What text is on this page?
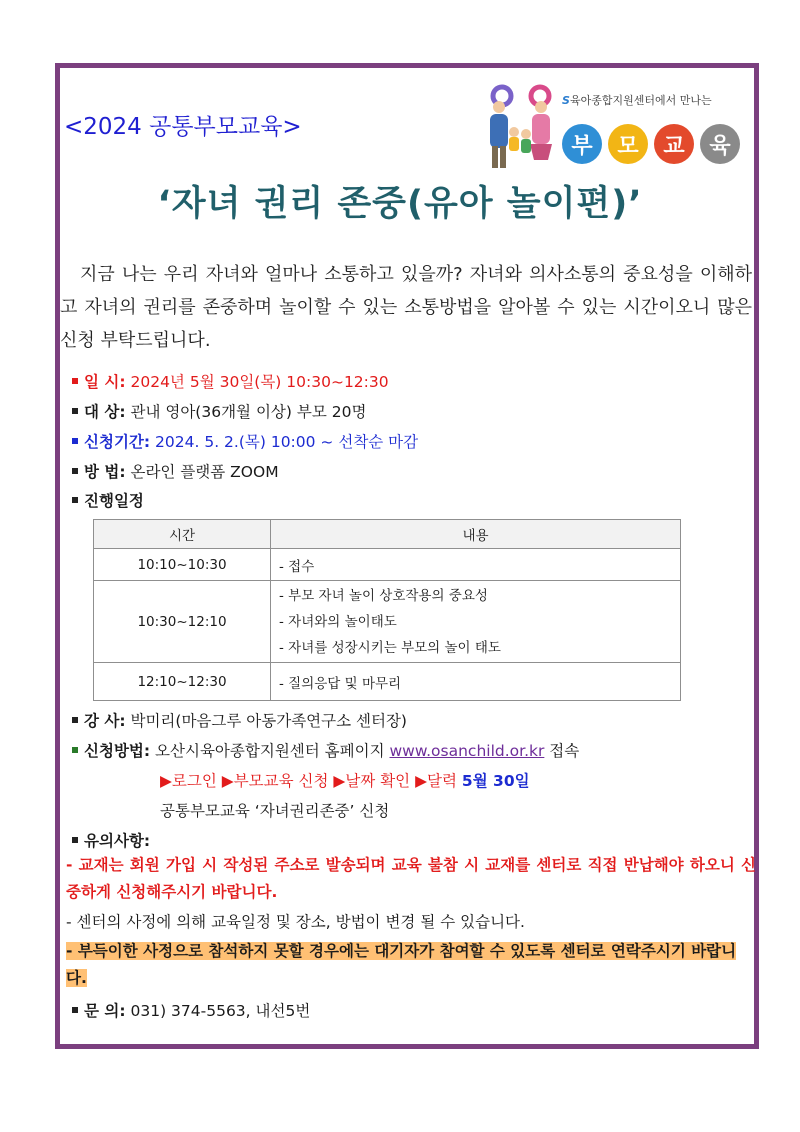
<2024 공통부모교육>
S육아종합지원센터에서 만나는
부 모 교 육
‘자녀 권리 존중(유아 놀이편)’

지금 나는 우리 자녀와 얼마나 소통하고 있을까? 자녀와 의사소통의 중요성을 이해하고 자녀의 권리를 존중하며 놀이할 수 있는 소통방법을 알아볼 수 있는 시간이오니 많은 신청 부탁드립니다.

일 시: 2024년 5월 30일(목) 10:30~12:30
대 상: 관내 영아(36개월 이상) 부모 20명
신청기간: 2024. 5. 2.(목) 10:00 ~ 선착순 마감
방 법: 온라인 플랫폼 ZOOM
진행일정
시간	내용
10:10~10:30	- 접수
10:30~12:10	- 부모 자녀 놀이 상호작용의 중요성
- 자녀와의 놀이태도
- 자녀를 성장시키는 부모의 놀이 태도

12:10~12:30	- 질의응답 및 마무리
강 사: 박미리(마음그루 아동가족연구소 센터장)
신청방법: 오산시육아종합지원센터 홈페이지 www.osanchild.or.kr 접속
▶로그인 ▶부모교육 신청 ▶날짜 확인 ▶달력 5월 30일
공통부모교육 ‘자녀권리존중’ 신청
유의사항:
- 교재는 회원 가입 시 작성된 주소로 발송되며 교육 불참 시 교재를 센터로 직접 반납해야 하오니 신중하게 신청해주시기 바랍니다.
- 센터의 사정에 의해 교육일정 및 장소, 방법이 변경 될 수 있습니다.
- 부득이한 사정으로 참석하지 못할 경우에는 대기자가 참여할 수 있도록 센터로 연락주시기 바랍니다.
문 의: 031) 374-5563, 내선5번
